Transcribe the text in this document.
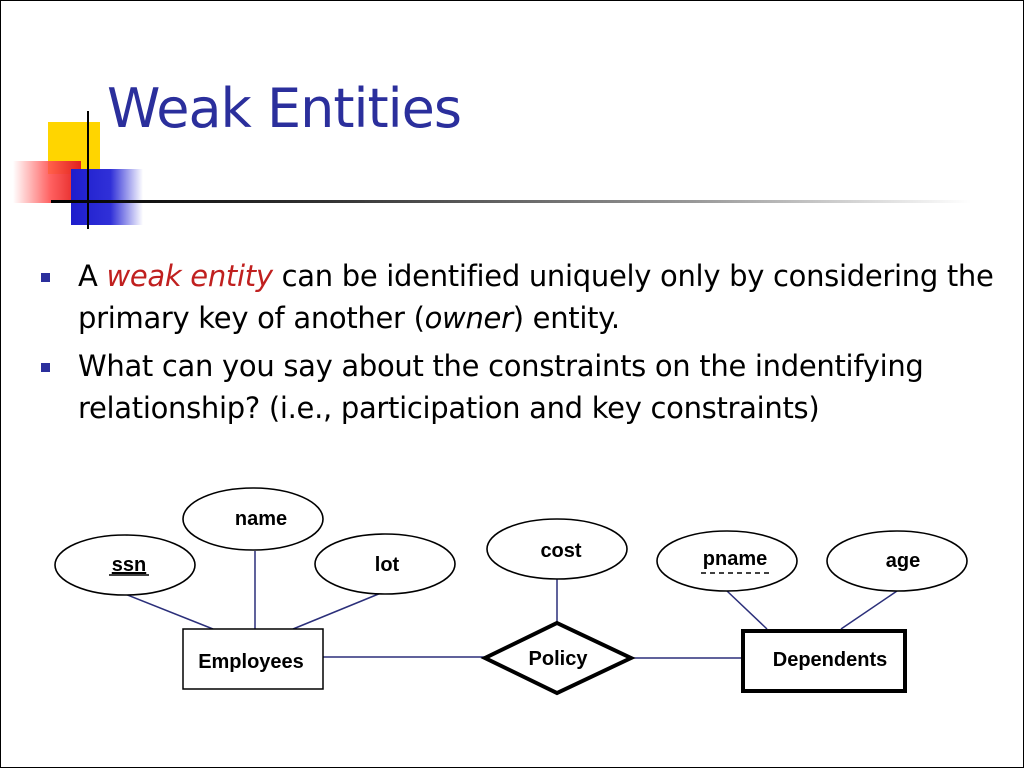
Weak Entities
A weak entity can be identified uniquely only by considering the primary key of another (owner) entity.
What can you say about the constraints on the indentifying relationship? (i.e., participation and key constraints)
ssn
name
lot
cost	pname	age
Employees	Policy	Dependents
